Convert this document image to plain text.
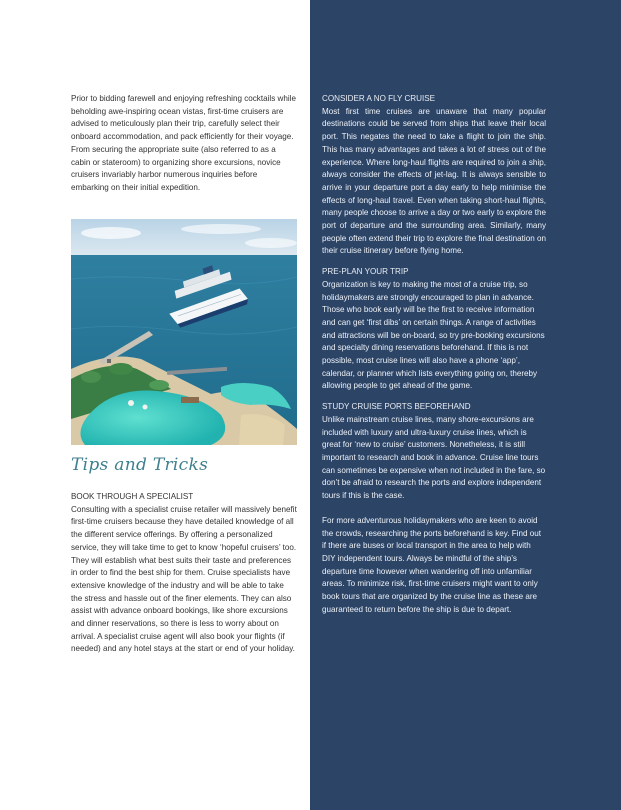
Prior to bidding farewell and enjoying refreshing cocktails while beholding awe-inspiring ocean vistas, first-time cruisers are advised to meticulously plan their trip, carefully select their onboard accommodation, and pack efficiently for their voyage. From securing the appropriate suite (also referred to as a cabin or stateroom) to organizing shore excursions, novice cruisers invariably harbor numerous inquiries before embarking on their initial expedition.

Tips and Tricks

BOOK THROUGH A SPECIALIST

Consulting with a specialist cruise retailer will massively benefit first-time cruisers because they have detailed knowledge of all the different service offerings. By offering a personalized service, they will take time to get to know ‘hopeful cruisers’ too. They will establish what best suits their taste and preferences in order to find the best ship for them. Cruise specialists have extensive knowledge of the industry and will be able to take the stress and hassle out of the finer elements. They can also assist with advance onboard bookings, like shore excursions and dinner reservations, so there is less to worry about on arrival. A specialist cruise agent will also book your flights (if needed) and any hotel stays at the start or end of your holiday.

CONSIDER A NO FLY CRUISE

Most first time cruises are unaware that many popular destinations could be served from ships that leave their local port. This negates the need to take a flight to join the ship. This has many advantages and takes a lot of stress out of the experience. Where long-haul flights are required to join a ship, always consider the effects of jet-lag. It is always sensible to arrive in your departure port a day early to help minimise the effects of long-haul travel. Even when taking short-haul flights, many people choose to arrive a day or two early to explore the port of departure and the surrounding area. Similarly, many people often extend their trip to explore the final destination on their cruise itinerary before flying home.

PRE-PLAN YOUR TRIP

Organization is key to making the most of a cruise trip, so holidaymakers are strongly encouraged to plan in advance. Those who book early will be the first to receive information and can get ‘first dibs’ on certain things. A range of activities and attractions will be on-board, so try pre-booking excursions and specialty dining reservations beforehand. If this is not possible, most cruise lines will also have a phone ‘app’, calendar, or planner which lists everything going on, thereby allowing people to get ahead of the game.

STUDY CRUISE PORTS BEFOREHAND

Unlike mainstream cruise lines, many shore-excursions are included with luxury and ultra-luxury cruise lines, which is great for ‘new to cruise’ customers. Nonetheless, it is still important to research and book in advance. Cruise line tours can sometimes be expensive when not included in the fare, so don’t be afraid to research the ports and explore independent tours if this is the case.

For more adventurous holidaymakers who are keen to avoid the crowds, researching the ports beforehand is key. Find out if there are buses or local transport in the area to help with DIY independent tours. Always be mindful of the ship’s departure time however when wandering off into unfamiliar areas. To minimize risk, first-time cruisers might want to only book tours that are organized by the cruise line as these are guaranteed to return before the ship is due to depart.
